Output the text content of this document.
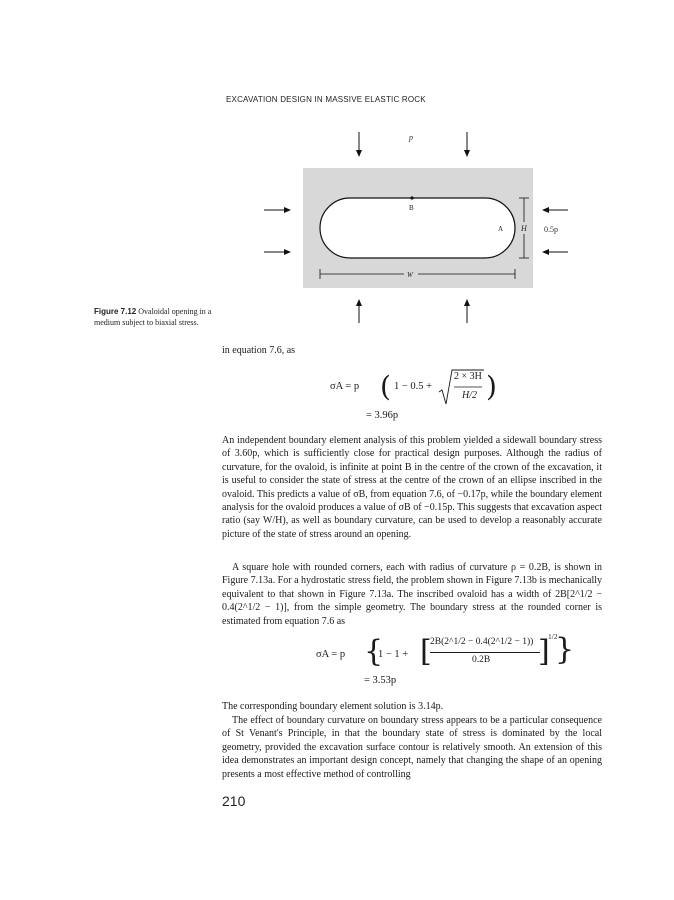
EXCAVATION DESIGN IN MASSIVE ELASTIC ROCK
p
0.5p
B
A H
W
Figure 7.12 Ovaloidal opening in a medium subject to biaxial stress.
in equation 7.6, as
σA = p ( 1 − 0.5 +
2 × 3H
H/2 )
= 3.96p

An independent boundary element analysis of this problem yielded a sidewall boundary stress of 3.60p, which is sufficiently close for practical design purposes. Although the radius of curvature, for the ovaloid, is infinite at point B in the centre of the crown of the excavation, it is useful to consider the state of stress at the centre of the crown of an ellipse inscribed in the ovaloid. This predicts a value of σB, from equation 7.6, of −0.17p, while the boundary element analysis for the ovaloid produces a value of σB of −0.15p. This suggests that excavation aspect ratio (say W/H), as well as boundary curvature, can be used to develop a reasonably accurate picture of the state of stress around an opening.

A square hole with rounded corners, each with radius of curvature ρ = 0.2B, is shown in Figure 7.13a. For a hydrostatic stress field, the problem shown in Figure 7.13b is mechanically equivalent to that shown in Figure 7.13a. The inscribed ovaloid has a width of 2B[2^1/2 − 0.4(2^1/2 − 1)], from the simple geometry. The boundary stress at the rounded corner is estimated from equation 7.6 as

σA = p {
1 − 1 + [
2B(2^1/2 − 0.4(2^1/2 − 1))
0.2B ]
1/2
}
= 3.53p

The corresponding boundary element solution is 3.14p.

The effect of boundary curvature on boundary stress appears to be a particular consequence of St Venant's Principle, in that the boundary state of stress is dominated by the local geometry, provided the excavation surface contour is relatively smooth. An extension of this idea demonstrates an important design concept, namely that changing the shape of an opening presents a most effective method of controlling

210
